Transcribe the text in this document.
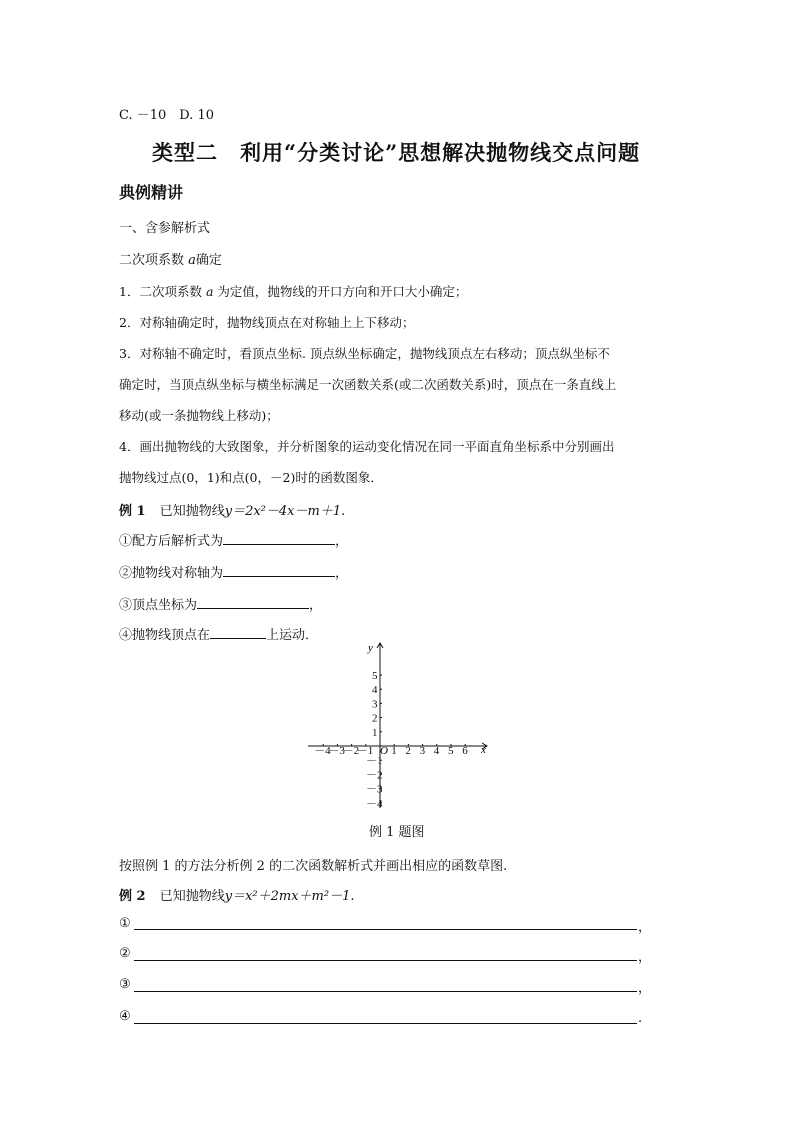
C. －10　D. 10
类型二　利用“分类讨论”思想解决抛物线交点问题
典例精讲
一、含参解析式
二次项系数 a确定
1．二次项系数 a 为定值，抛物线的开口方向和开口大小确定；
2．对称轴确定时，抛物线顶点在对称轴上上下移动；
3．对称轴不确定时，看顶点坐标. 顶点纵坐标确定，抛物线顶点左右移动；顶点纵坐标不
确定时，当顶点纵坐标与横坐标满足一次函数关系(或二次函数关系)时，顶点在一条直线上
移动(或一条抛物线上移动)；
4．画出抛物线的大致图象，并分析图象的运动变化情况在同一平面直角坐标系中分别画出
抛物线过点(0，1)和点(0，－2)时的函数图象．
例 1 已知抛物线y＝2x²－4x－m＋1.
①配方后解析式为	，
②抛物线对称轴为	，
③顶点坐标为	，
④抛物线顶点在	上运动．
－4
－3
－2
－1 1 2 3 4 5 6
5
4
3
2
1
－1
－2
－3
－4
x
y
O
例 1 题图
按照例 1 的方法分析例 2 的二次函数解析式并画出相应的函数草图.
例 2 已知抛物线y＝x²＋2mx＋m²－1.
①	，
②	，
③	，
④	.
